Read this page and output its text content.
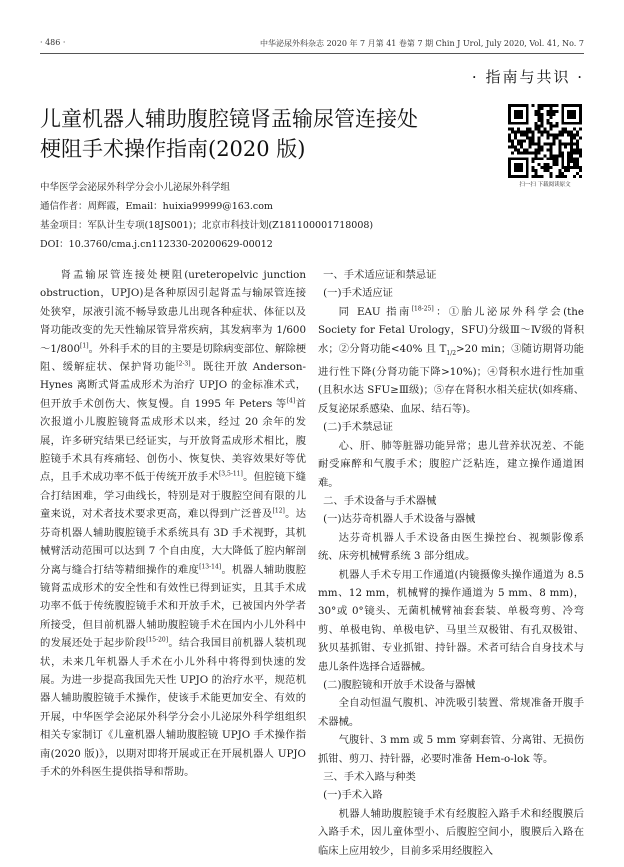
· 486 ·	中华泌尿外科杂志 2020 年 7 月第 41 卷第 7 期 Chin J Urol, July 2020, Vol. 41, No. 7
· 指南与共识 ·
儿童机器人辅助腹腔镜肾盂输尿管连接处
梗阻手术操作指南(2020 版)
扫一扫 下载阅读原文
中华医学会泌尿外科学分会小儿泌尿外科学组
通信作者：周辉霞，Email：huixia99999@163.com
基金项目：军队计生专项(18JS001)；北京市科技计划(Z181100001718008)
DOI：10.3760/cma.j.cn112330-20200629-00012

肾盂输尿管连接处梗阻(ureteropelvic junction obstruction，UPJO)是各种原因引起肾盂与输尿管连接处狭窄，尿液引流不畅导致患儿出现各种症状、体征以及肾功能改变的先天性输尿管异常疾病，其发病率为 1/600～1/800[1]。外科手术的目的主要是切除病变部位、解除梗阻、缓解症状、保护肾功能[2-3]。既往开放 Anderson-Hynes 离断式肾盂成形术为治疗 UPJO 的金标准术式，但开放手术创伤大、恢复慢。自 1995 年 Peters 等[4]首次报道小儿腹腔镜肾盂成形术以来，经过 20 余年的发展，许多研究结果已经证实，与开放肾盂成形术相比，腹腔镜手术具有疼痛轻、创伤小、恢复快、美容效果好等优点，且手术成功率不低于传统开放手术[3,5-11]。但腔镜下缝合打结困难，学习曲线长，特别是对于腹腔空间有限的儿童来说，对术者技术要求更高，难以得到广泛普及[12]。达芬奇机器人辅助腹腔镜手术系统具有 3D 手术视野，其机械臂活动范围可以达到 7 个自由度，大大降低了腔内解剖分离与缝合打结等精细操作的难度[13-14]。机器人辅助腹腔镜肾盂成形术的安全性和有效性已得到证实，且其手术成功率不低于传统腹腔镜手术和开放手术，已被国内外学者所接受，但目前机器人辅助腹腔镜手术在国内小儿外科中的发展还处于起步阶段[15-20]。结合我国目前机器人装机现状，未来几年机器人手术在小儿外科中将得到快速的发展。为进一步提高我国先天性 UPJO 的治疗水平，规范机器人辅助腹腔镜手术操作，使该手术能更加安全、有效的开展，中华医学会泌尿外科学分会小儿泌尿外科学组组织相关专家制订《儿童机器人辅助腹腔镜 UPJO 手术操作指南(2020 版)》，以期对即将开展或正在开展机器人 UPJO 手术的外科医生提供指导和帮助。

一、手术适应证和禁忌证

(一)手术适应证

同 EAU 指南[18-25]：①胎儿泌尿外科学会(the Society for Fetal Urology，SFU)分级Ⅲ～Ⅳ级的肾积水；②分肾功能<40% 且 $T_{1/2}>20$ min；③随访期肾功能进行性下降(分肾功能下降>10%)；④肾积水进行性加重(且积水达 SFU≥Ⅲ级)；⑤存在肾积水相关症状(如疼痛、反复泌尿系感染、血尿、结石等)。

(二)手术禁忌证

心、肝、肺等脏器功能异常；患儿营养状况差、不能耐受麻醉和气腹手术；腹腔广泛粘连，建立操作通道困难。

二、手术设备与手术器械

(一)达芬奇机器人手术设备与器械

达芬奇机器人手术设备由医生操控台、视频影像系统、床旁机械臂系统 3 部分组成。

机器人手术专用工作通道(内镜摄像头操作通道为 8.5 mm、12 mm，机械臂的操作通道为 5 mm、8 mm)，30°或 0°镜头、无菌机械臂袖套套装、单极弯剪、冷弯剪、单极电钩、单极电铲、马里兰双极钳、有孔双极钳、狄贝基抓钳、专业抓钳、持针器。术者可结合自身技术与患儿条件选择合适器械。

(二)腹腔镜和开放手术设备与器械

全自动恒温气腹机、冲洗吸引装置、常规准备开腹手术器械。

气腹针、3 mm 或 5 mm 穿刺套管、分离钳、无损伤抓钳、剪刀、持针器，必要时准备 Hem-o-lok 等。

三、手术入路与种类

(一)手术入路

机器人辅助腹腔镜手术有经腹腔入路手术和经腹膜后入路手术，因儿童体型小、后腹腔空间小，腹膜后入路在临床上应用较少，目前多采用经腹腔入
